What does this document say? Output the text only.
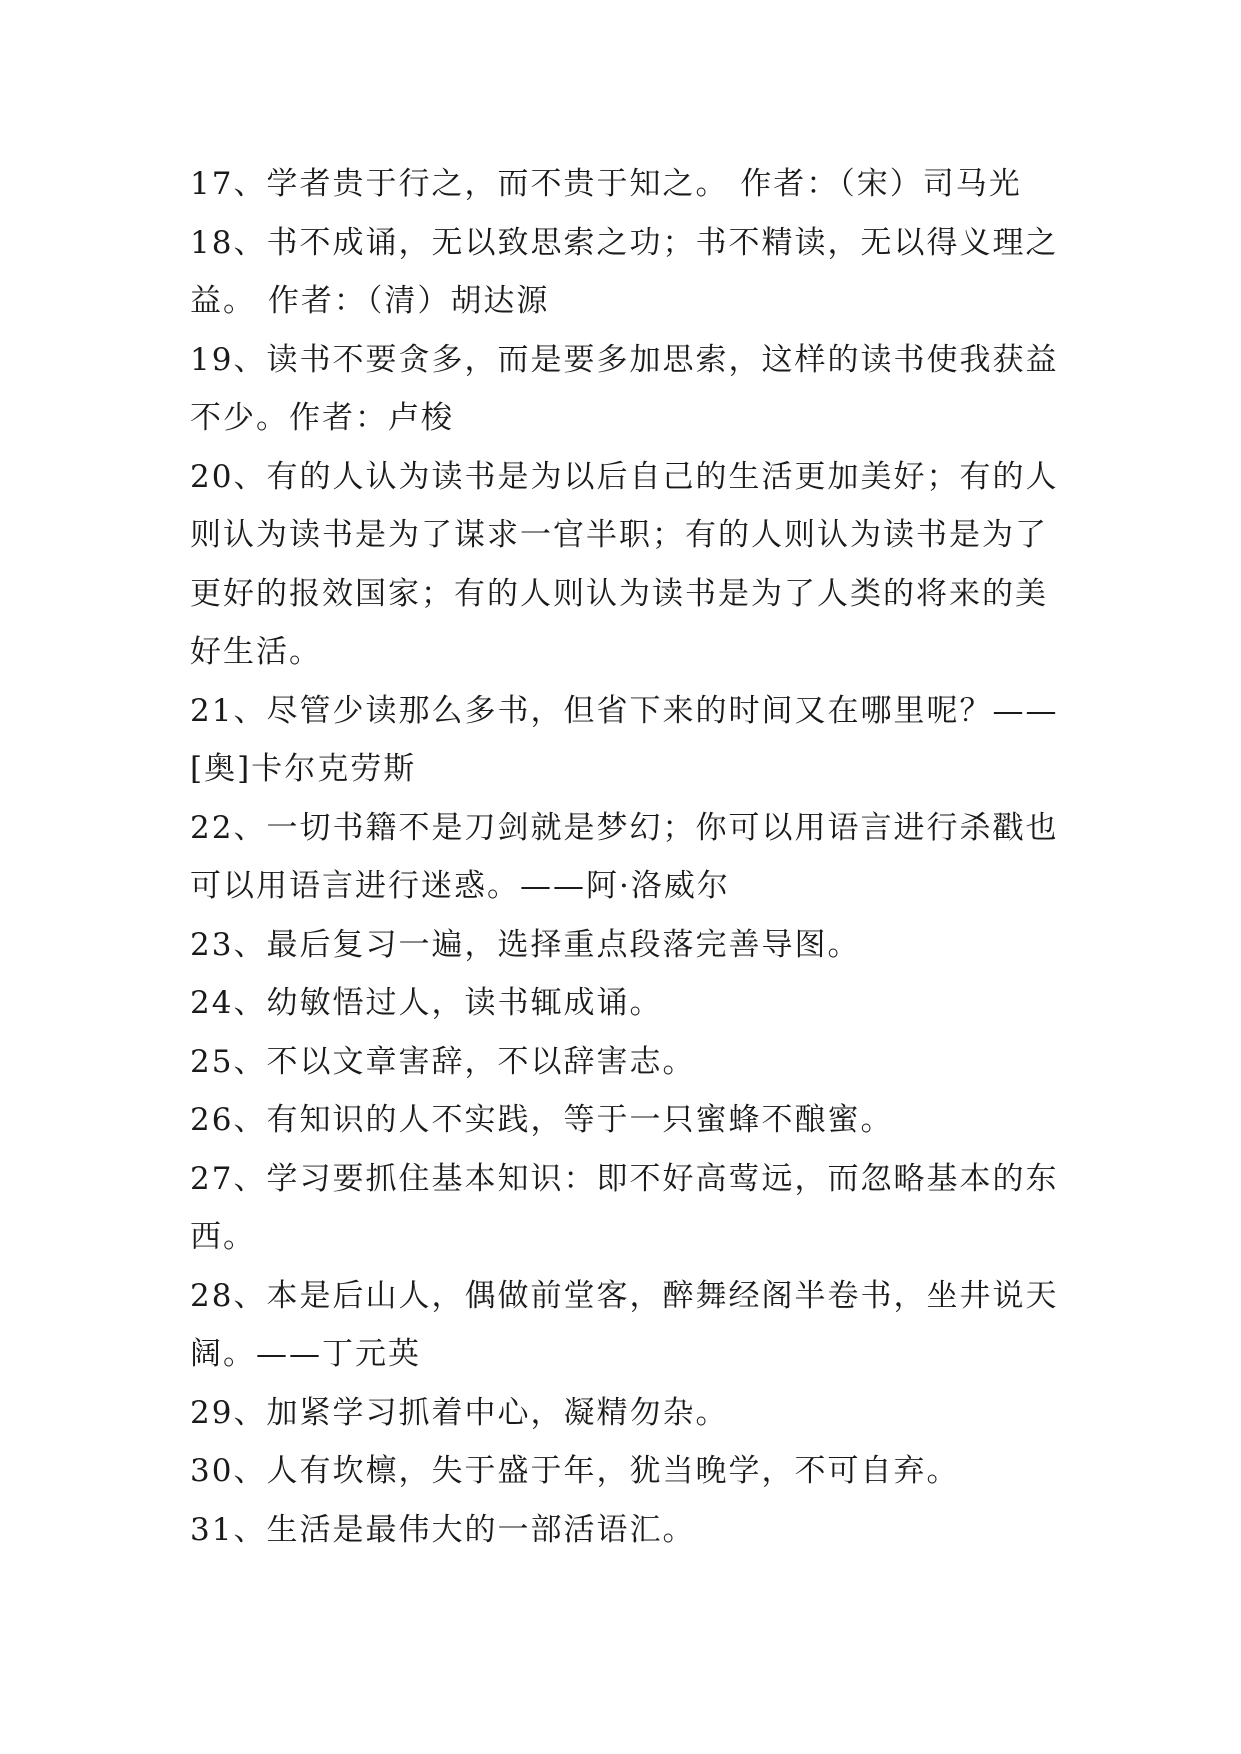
17、学者贵于行之，而不贵于知之。 作者：（宋）司马光
18、书不成诵，无以致思索之功；书不精读，无以得义理之
益。 作者：（清）胡达源
19、读书不要贪多，而是要多加思索，这样的读书使我获益
不少。作者：卢梭
20、有的人认为读书是为以后自己的生活更加美好；有的人
则认为读书是为了谋求一官半职；有的人则认为读书是为了
更好的报效国家；有的人则认为读书是为了人类的将来的美
好生活。
21、尽管少读那么多书，但省下来的时间又在哪里呢？——
[奥]卡尔克劳斯
22、一切书籍不是刀剑就是梦幻；你可以用语言进行杀戳也
可以用语言进行迷惑。——阿·洛威尔
23、最后复习一遍，选择重点段落完善导图。
24、幼敏悟过人，读书辄成诵。
25、不以文章害辞，不以辞害志。
26、有知识的人不实践，等于一只蜜蜂不酿蜜。
27、学习要抓住基本知识：即不好高莺远，而忽略基本的东
西。
28、本是后山人，偶做前堂客，醉舞经阁半卷书，坐井说天
阔。——丁元英
29、加紧学习抓着中心，凝精勿杂。
30、人有坎檩，失于盛于年，犹当晚学，不可自弃。
31、生活是最伟大的一部活语汇。
